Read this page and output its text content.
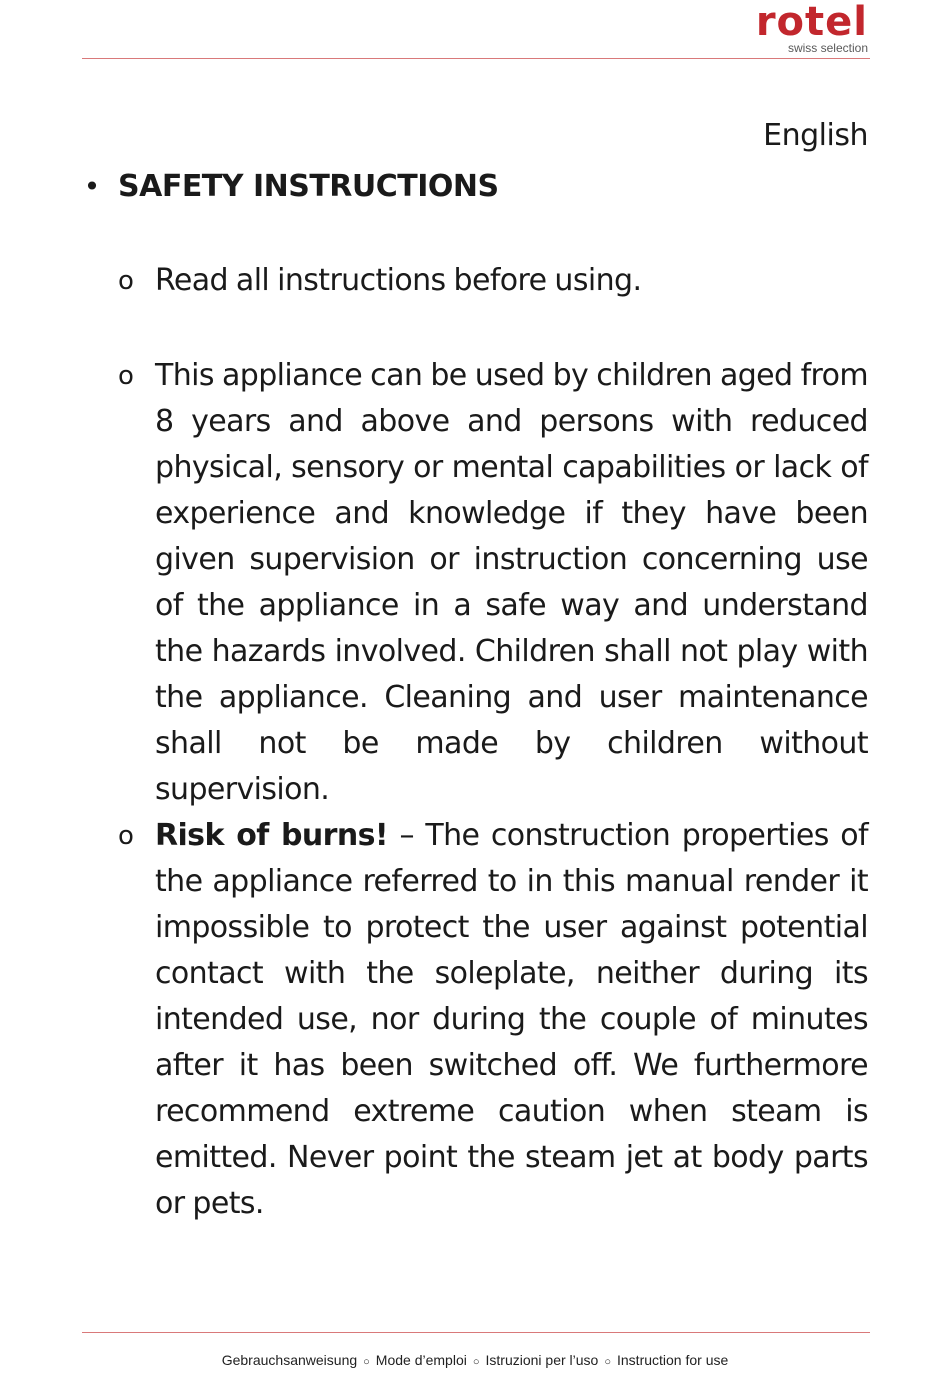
rotel
swiss selection
English
• SAFETY INSTRUCTIONS
o Read all instructions before using.
o This appliance can be used by children aged from 8 years and above and persons with reduced physical, sensory or mental capabilities or lack of experience and knowledge if they have been given supervision or instruction concerning use of the appliance in a safe way and understand the hazards involved. Children shall not play with the appliance. Cleaning and user maintenance shall not be made by children without supervision.
o Risk of burns! – The construction properties of the appliance referred to in this manual render it impossible to protect the user against potential contact with the soleplate, neither during its intended use, nor during the couple of minutes after it has been switched off. We furthermore recommend extreme caution when steam is emitted. Never point the steam jet at body parts or pets.
Gebrauchsanweisung ○ Mode d’emploi ○ Istruzioni per l’uso ○ Instruction for use
